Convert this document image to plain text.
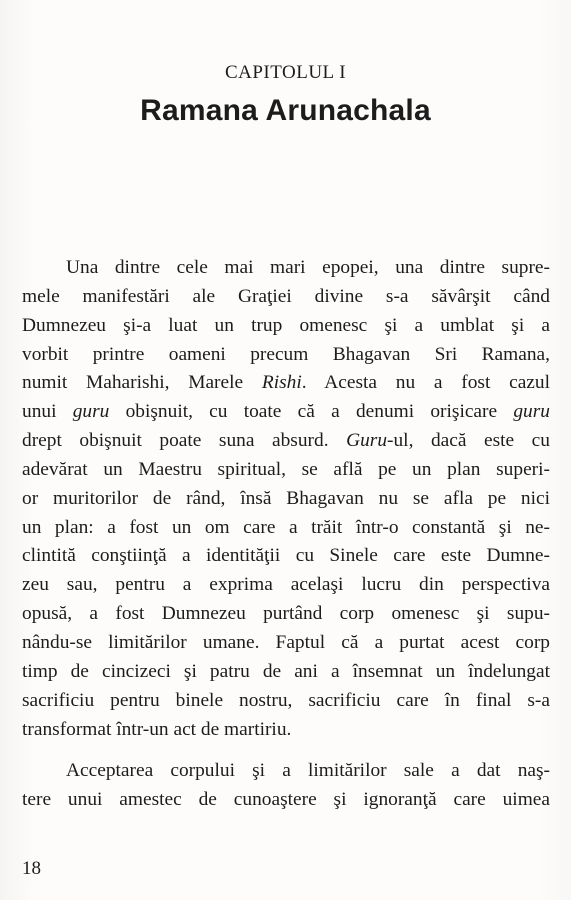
CAPITOLUL I
Ramana Arunachala
Una dintre cele mai mari epopei, una dintre supre-
mele manifestări ale Graţiei divine s-a săvârşit când
Dumnezeu şi-a luat un trup omenesc şi a umblat şi a
vorbit printre oameni precum Bhagavan Sri Ramana,
numit Maharishi, Marele Rishi. Acesta nu a fost cazul
unui guru obişnuit, cu toate că a denumi orişicare guru
drept obişnuit poate suna absurd. Guru-ul, dacă este cu
adevărat un Maestru spiritual, se află pe un plan superi-
or muritorilor de rând, însă Bhagavan nu se afla pe nici
un plan: a fost un om care a trăit într-o constantă şi ne-
clintită conştiinţă a identităţii cu Sinele care este Dumne-
zeu sau, pentru a exprima acelaşi lucru din perspectiva
opusă, a fost Dumnezeu purtând corp omenesc şi supu-
nându-se limitărilor umane. Faptul că a purtat acest corp
timp de cincizeci şi patru de ani a însemnat un îndelungat
sacrificiu pentru binele nostru, sacrificiu care în final s-a
transformat într-un act de martiriu.
Acceptarea corpului şi a limitărilor sale a dat naş-
tere unui amestec de cunoaştere şi ignoranţă care uimea
18
